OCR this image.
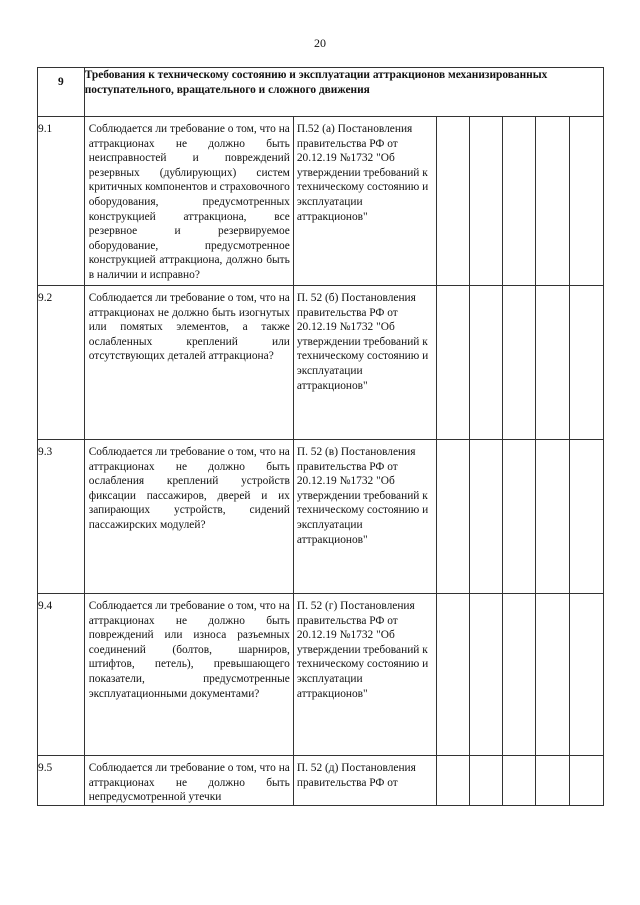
20
9	Требования к техническому состоянию и эксплуатации аттракционов механизированных поступательного, вращательного и сложного движения						

9.1	Соблюдается ли требование о том, что на аттракционах не должно быть неисправностей и повреждений резервных (дублирующих) систем критичных компонентов и страховочного оборудования, предусмотренных конструкцией аттракциона, все резервное и резервируемое оборудование, предусмотренное конструкцией аттракциона, должно быть в наличии и исправно?	П.52 (а) Постановления правительства РФ от 20.12.19 №1732 "Об утверждении требований к техническому состоянию и эксплуатации аттракционов"					

9.2	Соблюдается ли требование о том, что на аттракционах не должно быть изогнутых или помятых элементов, а также ослабленных креплений или отсутствующих деталей аттракциона?	П. 52 (б) Постановления правительства РФ от 20.12.19 №1732 "Об утверждении требований к техническому состоянию и эксплуатации аттракционов"					

9.3	Соблюдается ли требование о том, что на аттракционах не должно быть ослабления креплений устройств фиксации пассажиров, дверей и их запирающих устройств, сидений пассажирских модулей?	П. 52 (в) Постановления правительства РФ от 20.12.19 №1732 "Об утверждении требований к техническому состоянию и эксплуатации аттракционов"					

9.4	Соблюдается ли требование о том, что на аттракционах не должно быть повреждений или износа разъемных соединений (болтов, шарниров, штифтов, петель), превышающего показатели, предусмотренные эксплуатационными документами?	П. 52 (г) Постановления правительства РФ от 20.12.19 №1732 "Об утверждении требований к техническому состоянию и эксплуатации аттракционов"					

9.5	Соблюдается ли требование о том, что на аттракционах не должно быть непредусмотренной утечки	П. 52 (д) Постановления правительства РФ от					
